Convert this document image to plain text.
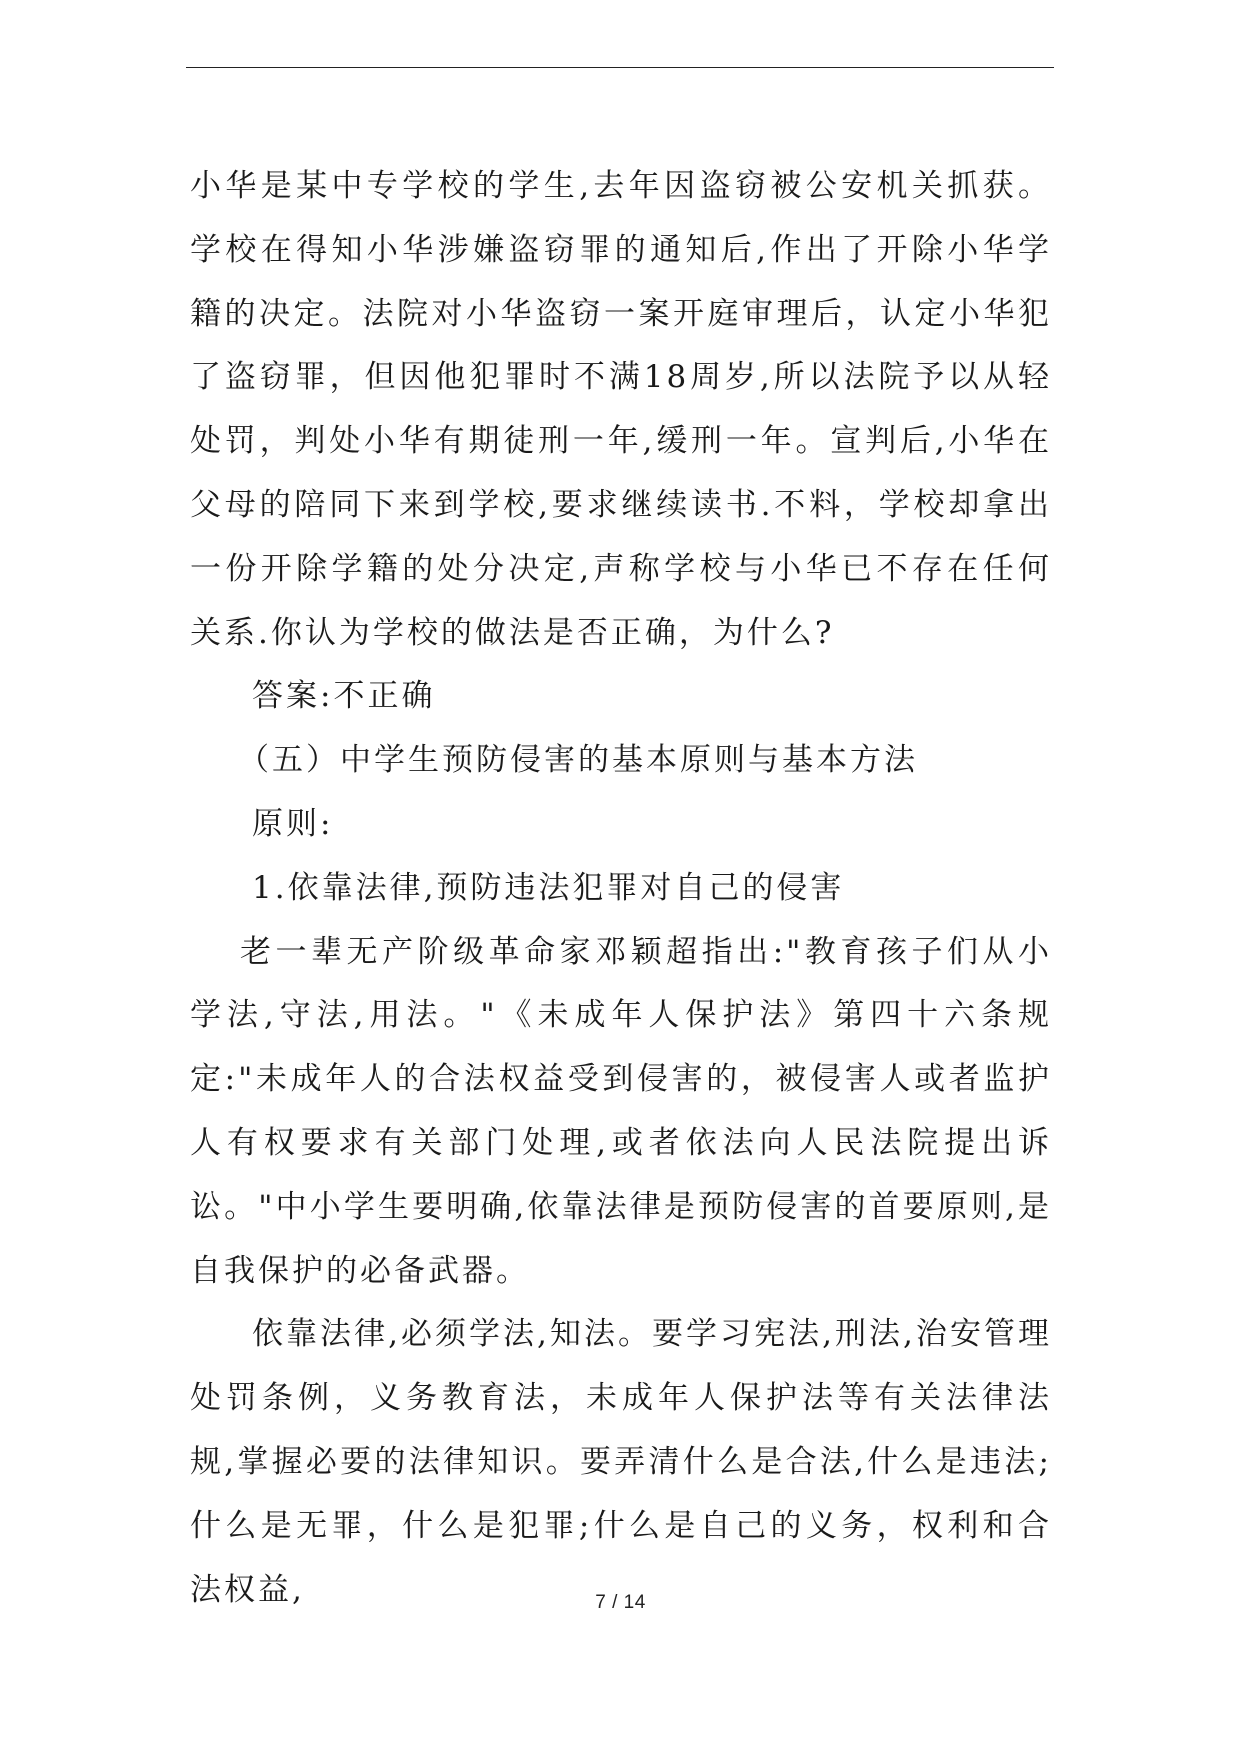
小华是某中专学校的学生,去年因盗窃被公安机关抓获。学校在得知小华涉嫌盗窃罪的通知后,作出了开除小华学籍的决定。法院对小华盗窃一案开庭审理后，认定小华犯了盗窃罪，但因他犯罪时不满18周岁,所以法院予以从轻处罚，判处小华有期徒刑一年,缓刑一年。宣判后,小华在父母的陪同下来到学校,要求继续读书.不料，学校却拿出一份开除学籍的处分决定,声称学校与小华已不存在任何关系.你认为学校的做法是否正确，为什么?

答案:不正确

（五）中学生预防侵害的基本原则与基本方法

原则:

1.依靠法律,预防违法犯罪对自己的侵害

老一辈无产阶级革命家邓颖超指出:"教育孩子们从小学法,守法,用法。"《未成年人保护法》第四十六条规定:"未成年人的合法权益受到侵害的，被侵害人或者监护人有权要求有关部门处理,或者依法向人民法院提出诉讼。"中小学生要明确,依靠法律是预防侵害的首要原则,是自我保护的必备武器。

依靠法律,必须学法,知法。要学习宪法,刑法,治安管理处罚条例，义务教育法，未成年人保护法等有关法律法规,掌握必要的法律知识。要弄清什么是合法,什么是违法;什么是无罪，什么是犯罪;什么是自己的义务，权利和合法权益,	7 / 14
